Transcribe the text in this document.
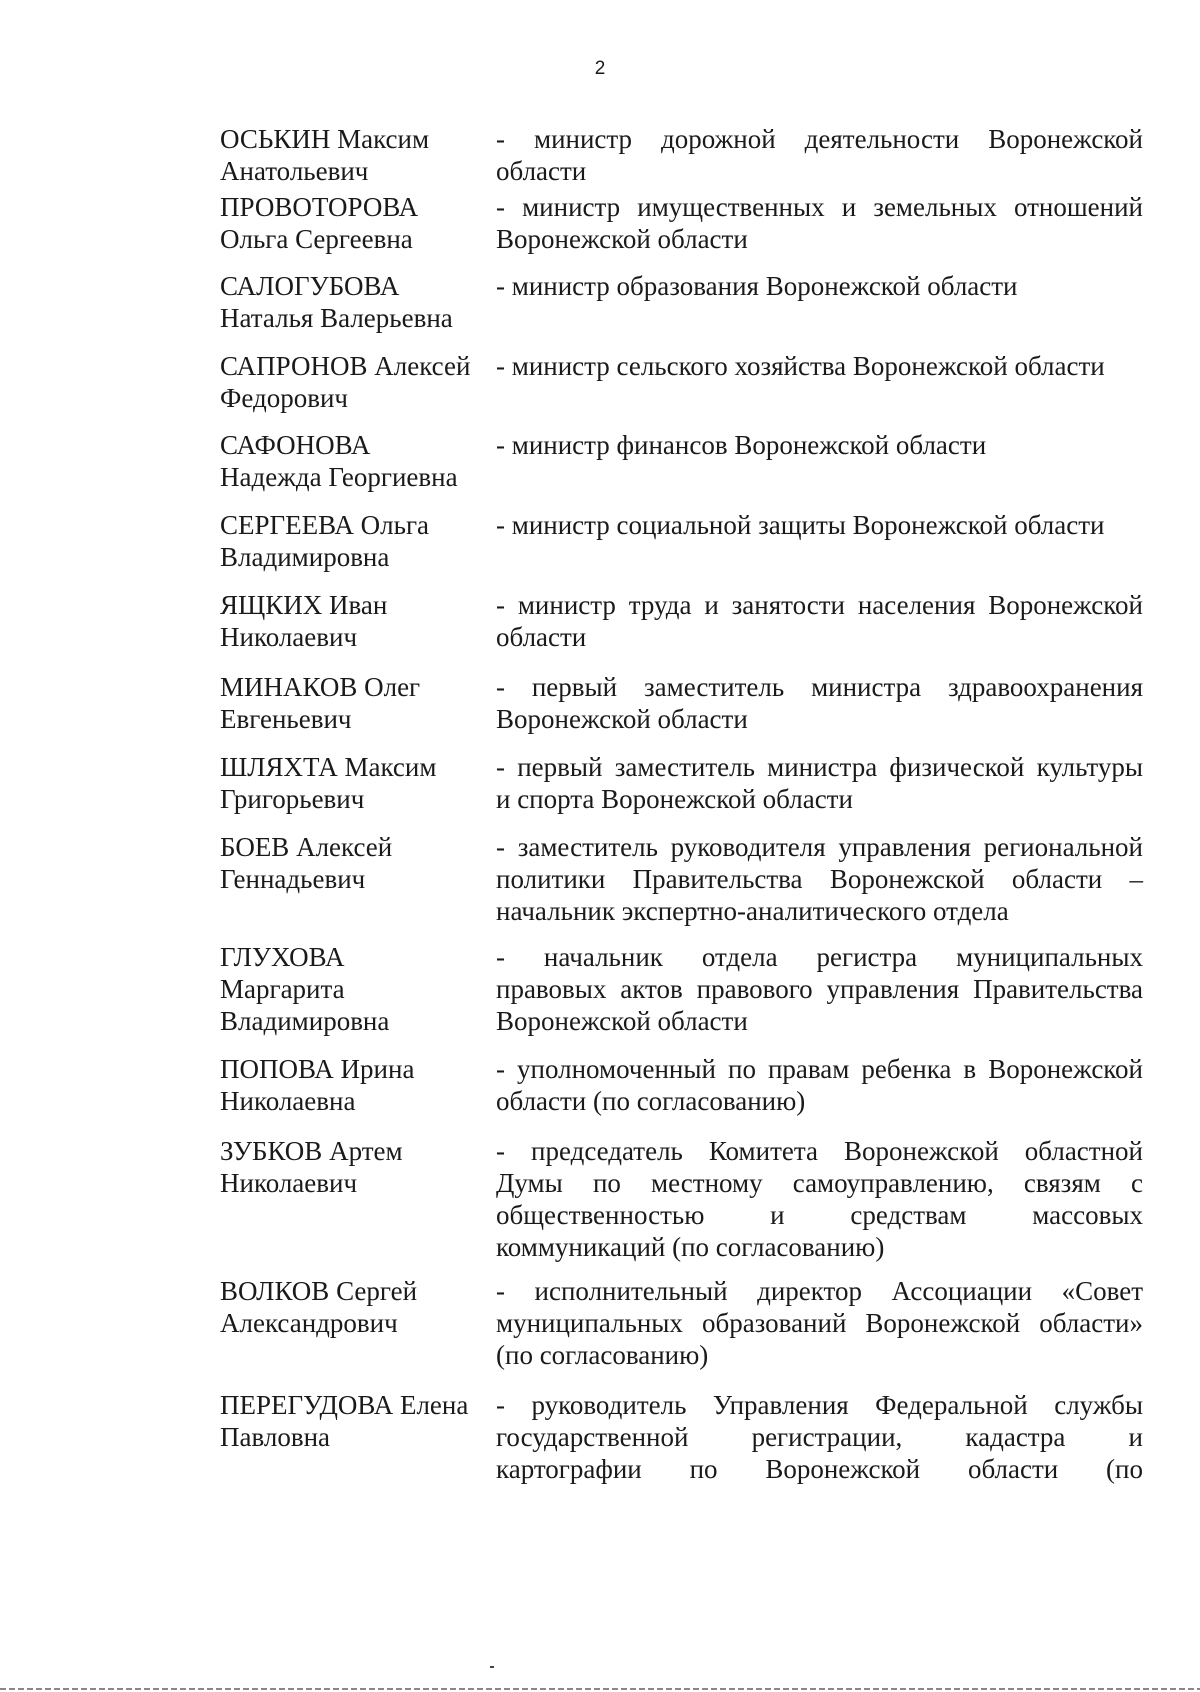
2
ОСЬКИН Максим
Анатольевич
- министр дорожной деятельности Воронежской
области
ПРОВОТОРОВА
Ольга Сергеевна
- министр имущественных и земельных отношений
Воронежской области
САЛОГУБОВА
Наталья Валерьевна
- министр образования Воронежской области
САПРОНОВ Алексей
Федорович
- министр сельского хозяйства Воронежской области
САФОНОВА
Надежда Георгиевна
- министр финансов Воронежской области
СЕРГЕЕВА Ольга
Владимировна
- министр социальной защиты Воронежской области
ЯЩКИХ Иван
Николаевич
- министр труда и занятости населения Воронежской
области
МИНАКОВ Олег
Евгеньевич
- первый заместитель министра здравоохранения
Воронежской области
ШЛЯХТА Максим
Григорьевич
- первый заместитель министра физической культуры
и спорта Воронежской области
БОЕВ Алексей
Геннадьевич
- заместитель руководителя управления региональной
политики Правительства Воронежской области –
начальник экспертно-аналитического отдела
ГЛУХОВА
Маргарита
Владимировна
- начальник отдела регистра муниципальных
правовых актов правового управления Правительства
Воронежской области
ПОПОВА Ирина
Николаевна
- уполномоченный по правам ребенка в Воронежской
области (по согласованию)
ЗУБКОВ Артем
Николаевич
- председатель Комитета Воронежской областной
Думы по местному самоуправлению, связям с
общественностью и средствам массовых
коммуникаций (по согласованию)
ВОЛКОВ Сергей
Александрович
- исполнительный директор Ассоциации «Совет
муниципальных образований Воронежской области»
(по согласованию)
ПЕРЕГУДОВА Елена
Павловна
- руководитель Управления Федеральной службы
государственной регистрации, кадастра и
картографии по Воронежской области (по
